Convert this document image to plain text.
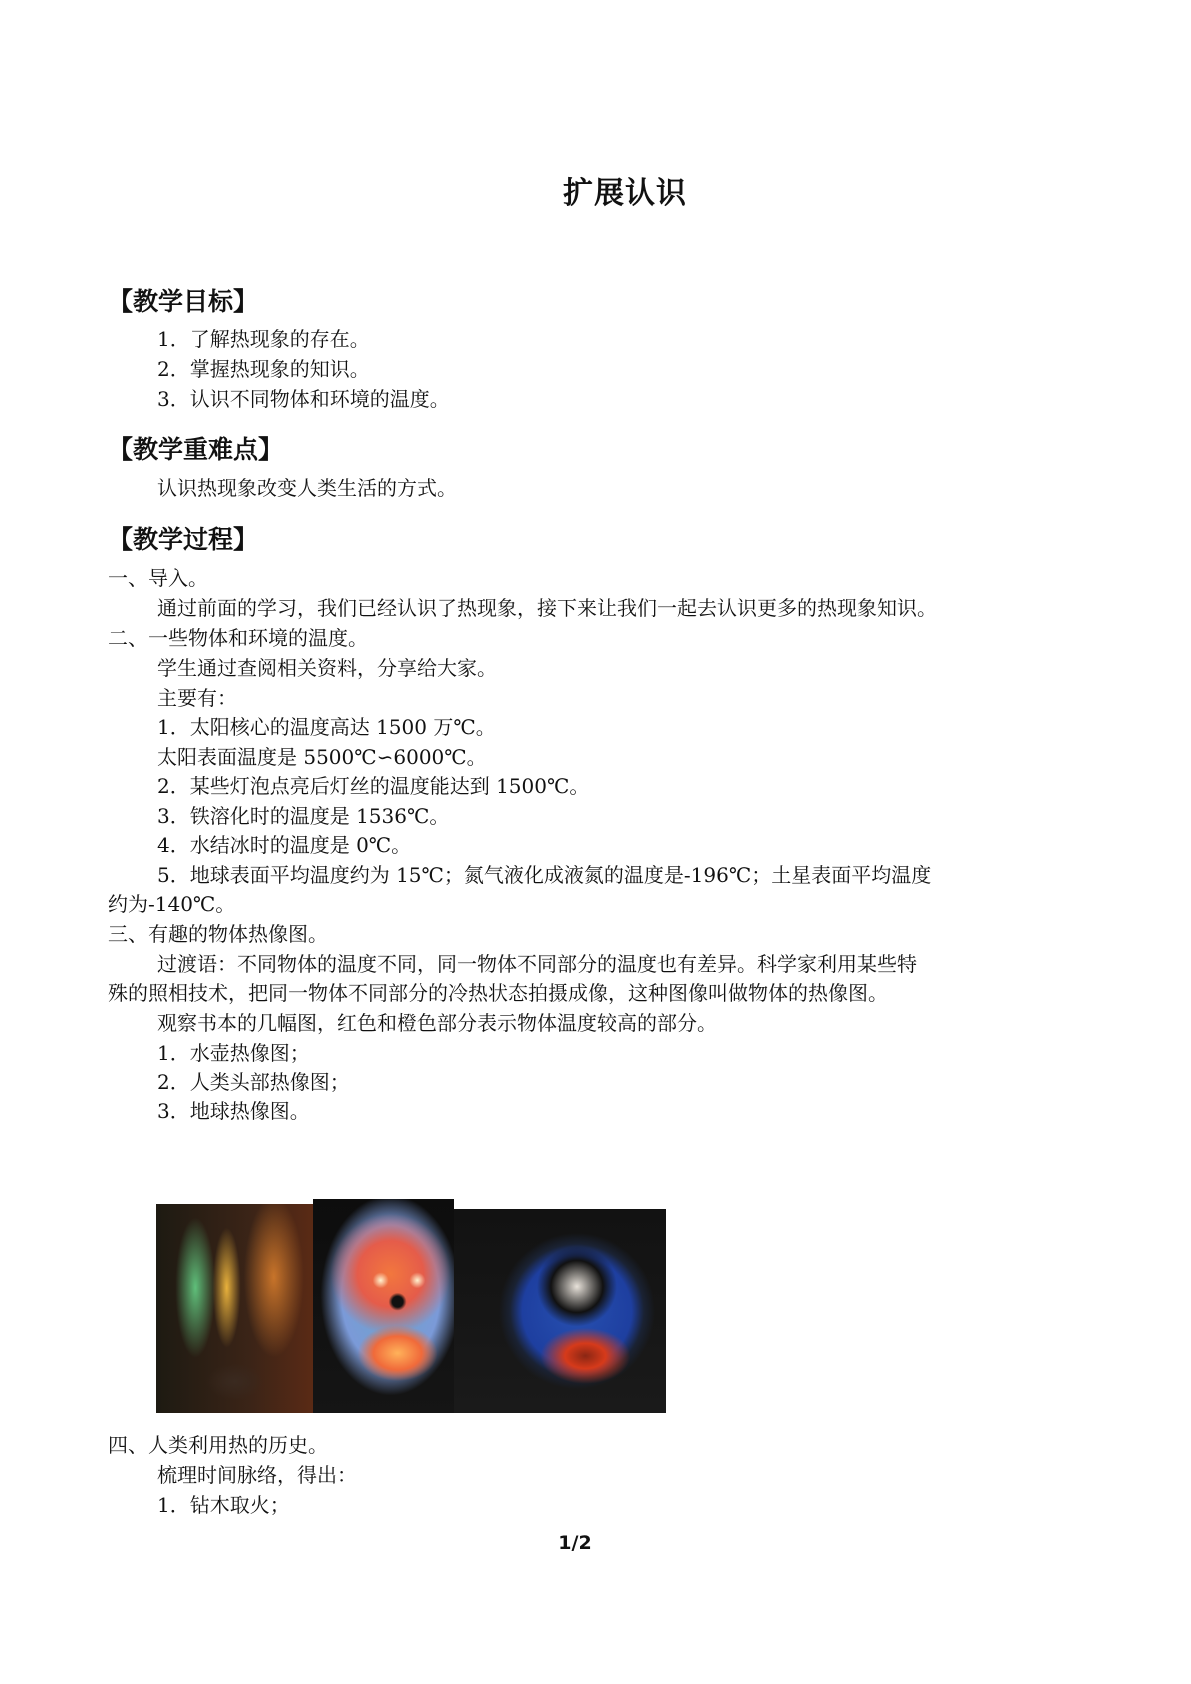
扩展认识
【教学目标】
1．了解热现象的存在。
2．掌握热现象的知识。
3．认识不同物体和环境的温度。
【教学重难点】
认识热现象改变人类生活的方式。
【教学过程】
一、导入。
通过前面的学习，我们已经认识了热现象，接下来让我们一起去认识更多的热现象知识。
二、一些物体和环境的温度。
学生通过查阅相关资料，分享给大家。
主要有：
1．太阳核心的温度高达 1500 万℃。
太阳表面温度是 5500℃∽6000℃。
2．某些灯泡点亮后灯丝的温度能达到 1500℃。
3．铁溶化时的温度是 1536℃。
4．水结冰时的温度是 0℃。
5．地球表面平均温度约为 15℃；氮气液化成液氮的温度是-196℃；土星表面平均温度
约为-140℃。
三、有趣的物体热像图。
过渡语：不同物体的温度不同，同一物体不同部分的温度也有差异。科学家利用某些特
殊的照相技术，把同一物体不同部分的冷热状态拍摄成像，这种图像叫做物体的热像图。
观察书本的几幅图，红色和橙色部分表示物体温度较高的部分。
1．水壶热像图；
2．人类头部热像图；
3．地球热像图。
四、人类利用热的历史。
梳理时间脉络，得出：
1．钻木取火；
1/2
